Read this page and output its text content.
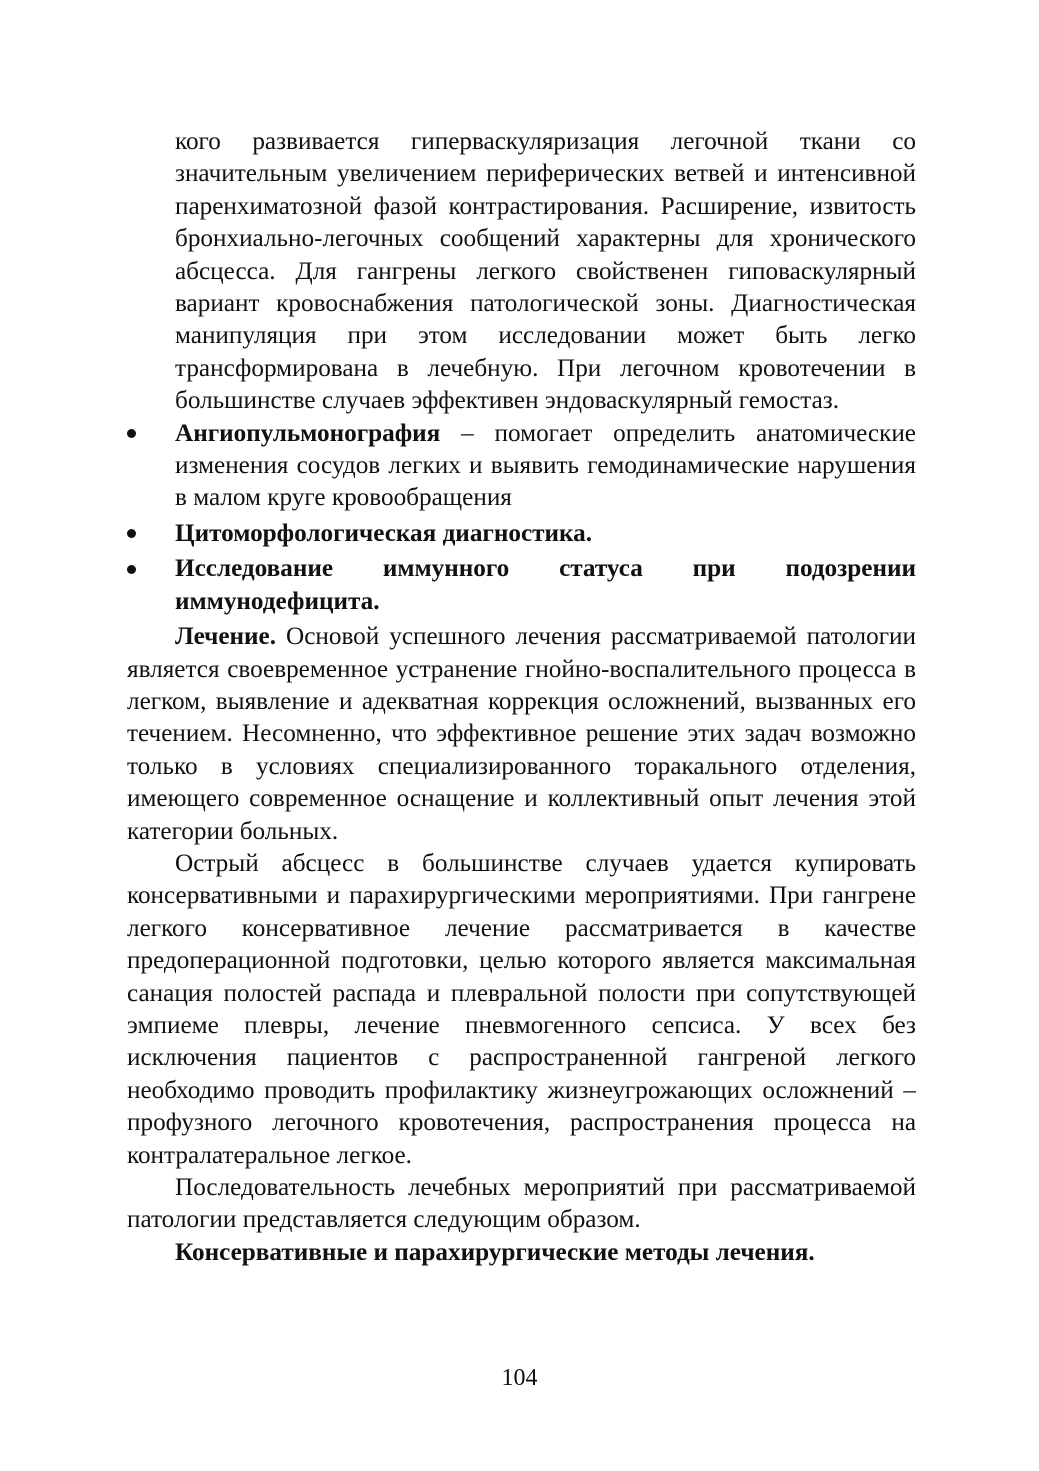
кого развивается гиперваскуляризация легочной ткани со значительным увеличением периферических ветвей и интенсивной паренхиматозной фазой контрастирования. Расширение, извитость бронхиально-легочных сообщений характерны для хронического абсцесса. Для гангрены легкого свойственен гиповаскулярный вариант кровоснабжения патологической зоны. Диагностическая манипуляция при этом исследовании может быть легко трансформирована в лечебную. При легочном кровотечении в большинстве случаев эффективен эндоваскулярный гемостаз.

Ангиопульмонография – помогает определить анатомические изменения сосудов легких и выявить гемодинамические нарушения в малом круге кровообращения
Цитоморфологическая диагностика.
Исследование иммунного статуса при подозрении иммунодефицита.

Лечение. Основой успешного лечения рассматриваемой патологии является своевременное устранение гнойно-воспалительного процесса в легком, выявление и адекватная коррекция осложнений, вызванных его течением. Несомненно, что эффективное решение этих задач возможно только в условиях специализированного торакального отделения, имеющего современное оснащение и коллективный опыт лечения этой категории больных.

Острый абсцесс в большинстве случаев удается купировать консервативными и парахирургическими мероприятиями. При гангрене легкого консервативное лечение рассматривается в качестве предоперационной подготовки, целью которого является максимальная санация полостей распада и плевральной полости при сопутствующей эмпиеме плевры, лечение пневмогенного сепсиса. У всех без исключения пациентов с распространенной гангреной легкого необходимо проводить профилактику жизнеугрожающих осложнений – профузного легочного кровотечения, распространения процесса на контралатеральное легкое.

Последовательность лечебных мероприятий при рассматриваемой патологии представляется следующим образом.

Консервативные и парахирургические методы лечения.

104
